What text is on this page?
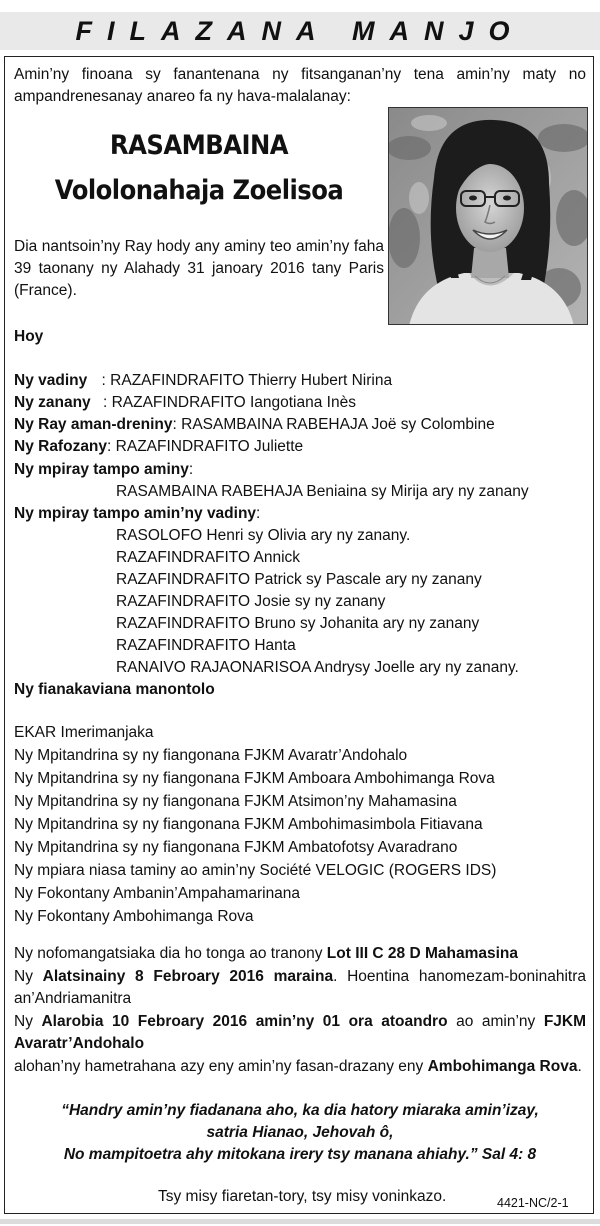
FILAZANA MANJO
Amin’ny finoana sy fanantenana ny fitsanganan’ny tena amin’ny maty no ampandrenesanay anareo fa ny hava-malalanay:
RASAMBAINA
Vololonahaja Zoelisoa
Dia nantsoin’ny Ray hody any aminy teo amin’ny faha 39 taonany ny Alahady 31 janoary 2016 tany Paris (France).
Hoy
Ny vadiny : RAZAFINDRAFITO Thierry Hubert Nirina
Ny zanany : RAZAFINDRAFITO Iangotiana Inès
Ny Ray aman-dreniny: RASAMBAINA RABEHAJA Joë sy Colombine
Ny Rafozany: RAZAFINDRAFITO Juliette
Ny mpiray tampo aminy:
RASAMBAINA RABEHAJA Beniaina sy Mirija ary ny zanany
Ny mpiray tampo amin’ny vadiny:
RASOLOFO Henri sy Olivia ary ny zanany.
RAZAFINDRAFITO Annick
RAZAFINDRAFITO Patrick sy Pascale ary ny zanany
RAZAFINDRAFITO Josie sy ny zanany
RAZAFINDRAFITO Bruno sy Johanita ary ny zanany
RAZAFINDRAFITO Hanta
RANAIVO RAJAONARISOA Andrysy Joelle ary ny zanany.
Ny fianakaviana manontolo
EKAR Imerimanjaka
Ny Mpitandrina sy ny fiangonana FJKM Avaratr’Andohalo
Ny Mpitandrina sy ny fiangonana FJKM Amboara Ambohimanga Rova
Ny Mpitandrina sy ny fiangonana FJKM Atsimon’ny Mahamasina
Ny Mpitandrina sy ny fiangonana FJKM Ambohimasimbola Fitiavana
Ny Mpitandrina sy ny fiangonana FJKM Ambatofotsy Avaradrano
Ny mpiara niasa taminy ao amin’ny Société VELOGIC (ROGERS IDS)
Ny Fokontany Ambanin’Ampahamarinana
Ny Fokontany Ambohimanga Rova
Ny nofomangatsiaka dia ho tonga ao tranony Lot III C 28 D Mahamasina
Ny Alatsinainy 8 Febroary 2016 maraina. Hoentina hanomezam-boninahitra an’Andriamanitra
Ny Alarobia 10 Febroary 2016 amin’ny 01 ora atoandro ao amin’ny FJKM Avaratr’Andohalo
alohan’ny hametrahana azy eny amin’ny fasan-drazany eny Ambohimanga Rova.
“Handry amin’ny fiadanana aho, ka dia hatory miaraka amin’izay,
satria Hianao, Jehovah ô,
No mampitoetra ahy mitokana irery tsy manana ahiahy.” Sal 4: 8
Tsy misy fiaretan-tory, tsy misy voninkazo.	4421-NC/2-1
